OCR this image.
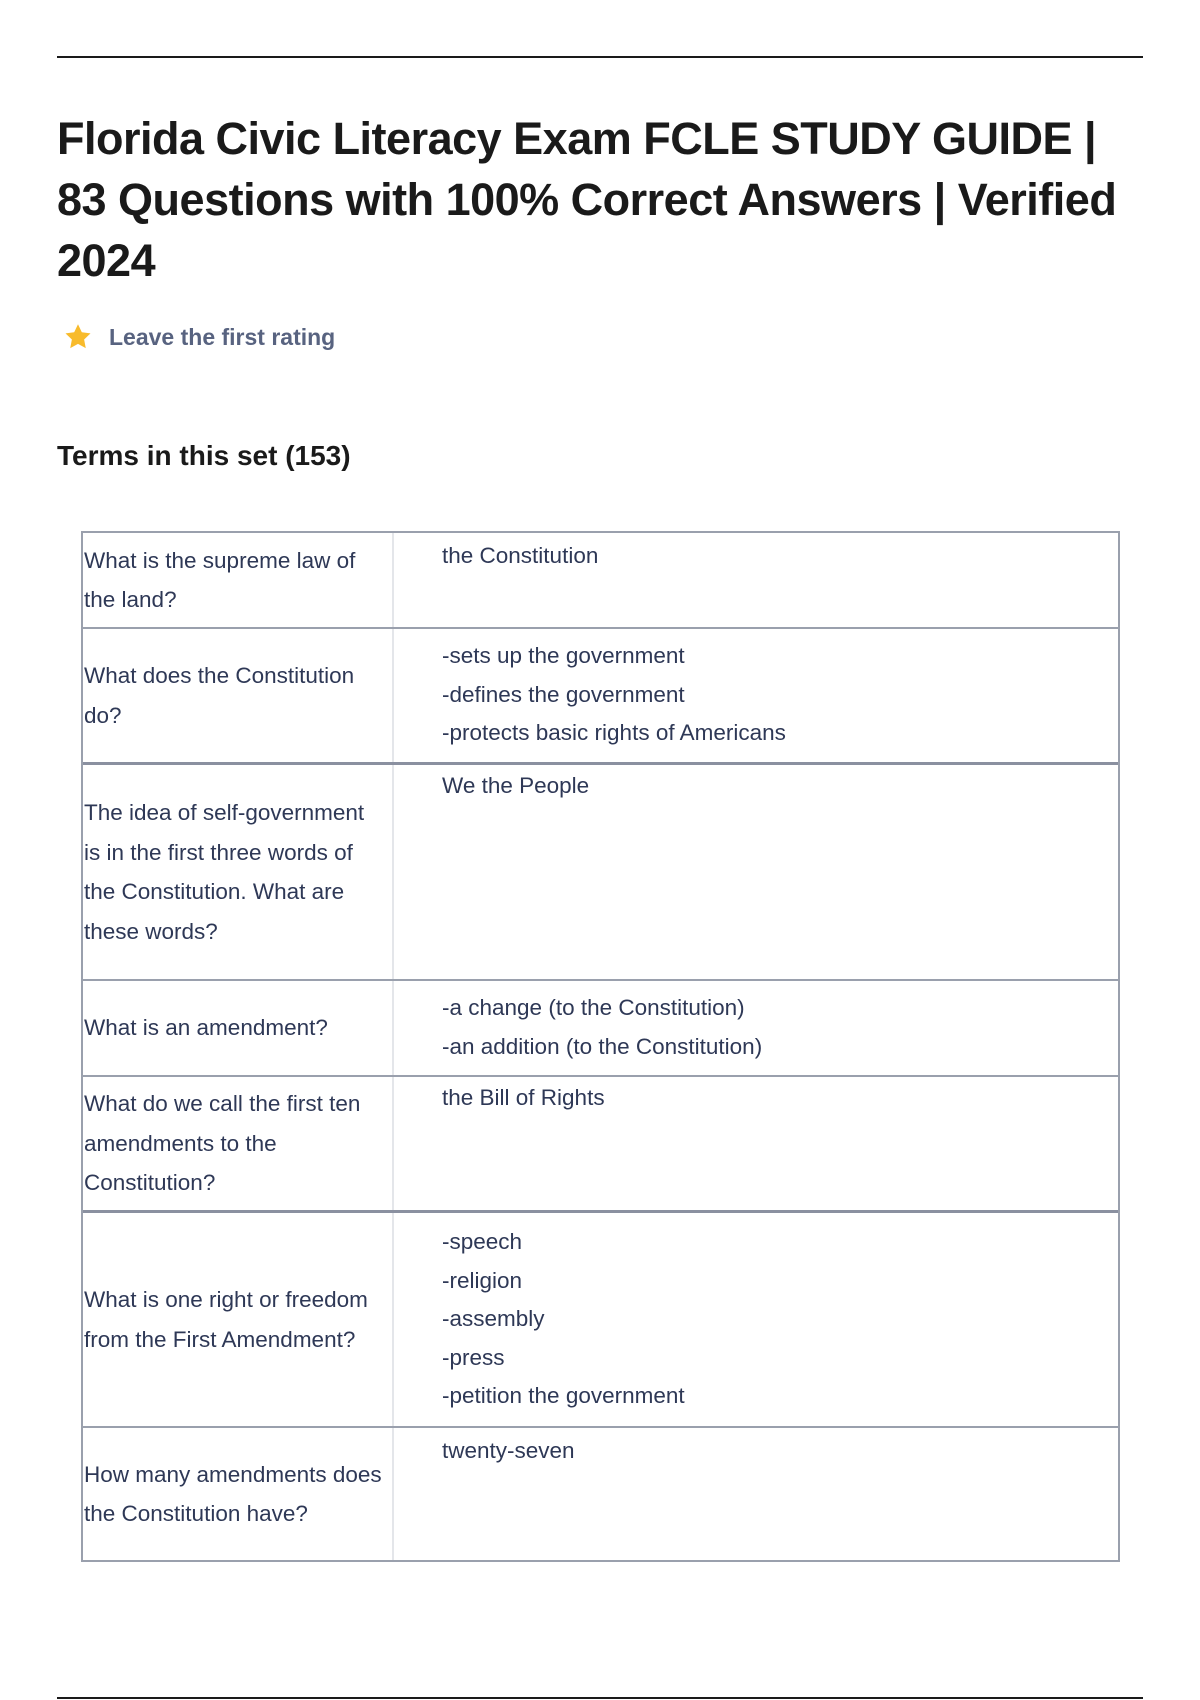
Florida Civic Literacy Exam FCLE STUDY GUIDE | 83 Questions with 100% Correct Answers | Verified 2024
Leave the first rating
Terms in this set (153)
What is the supreme law of the land?
the Constitution
What does the Constitution do?
-sets up the government
-defines the government
-protects basic rights of Americans
The idea of self-government is in the first three words of the Constitution. What are these words?
We the People
What is an amendment?
-a change (to the Constitution)
-an addition (to the Constitution)
What do we call the first ten amendments to the Constitution?
the Bill of Rights
What is one right or freedom from the First Amendment?
-speech
-religion
-assembly
-press
-petition the government
How many amendments does the Constitution have?
twenty-seven
